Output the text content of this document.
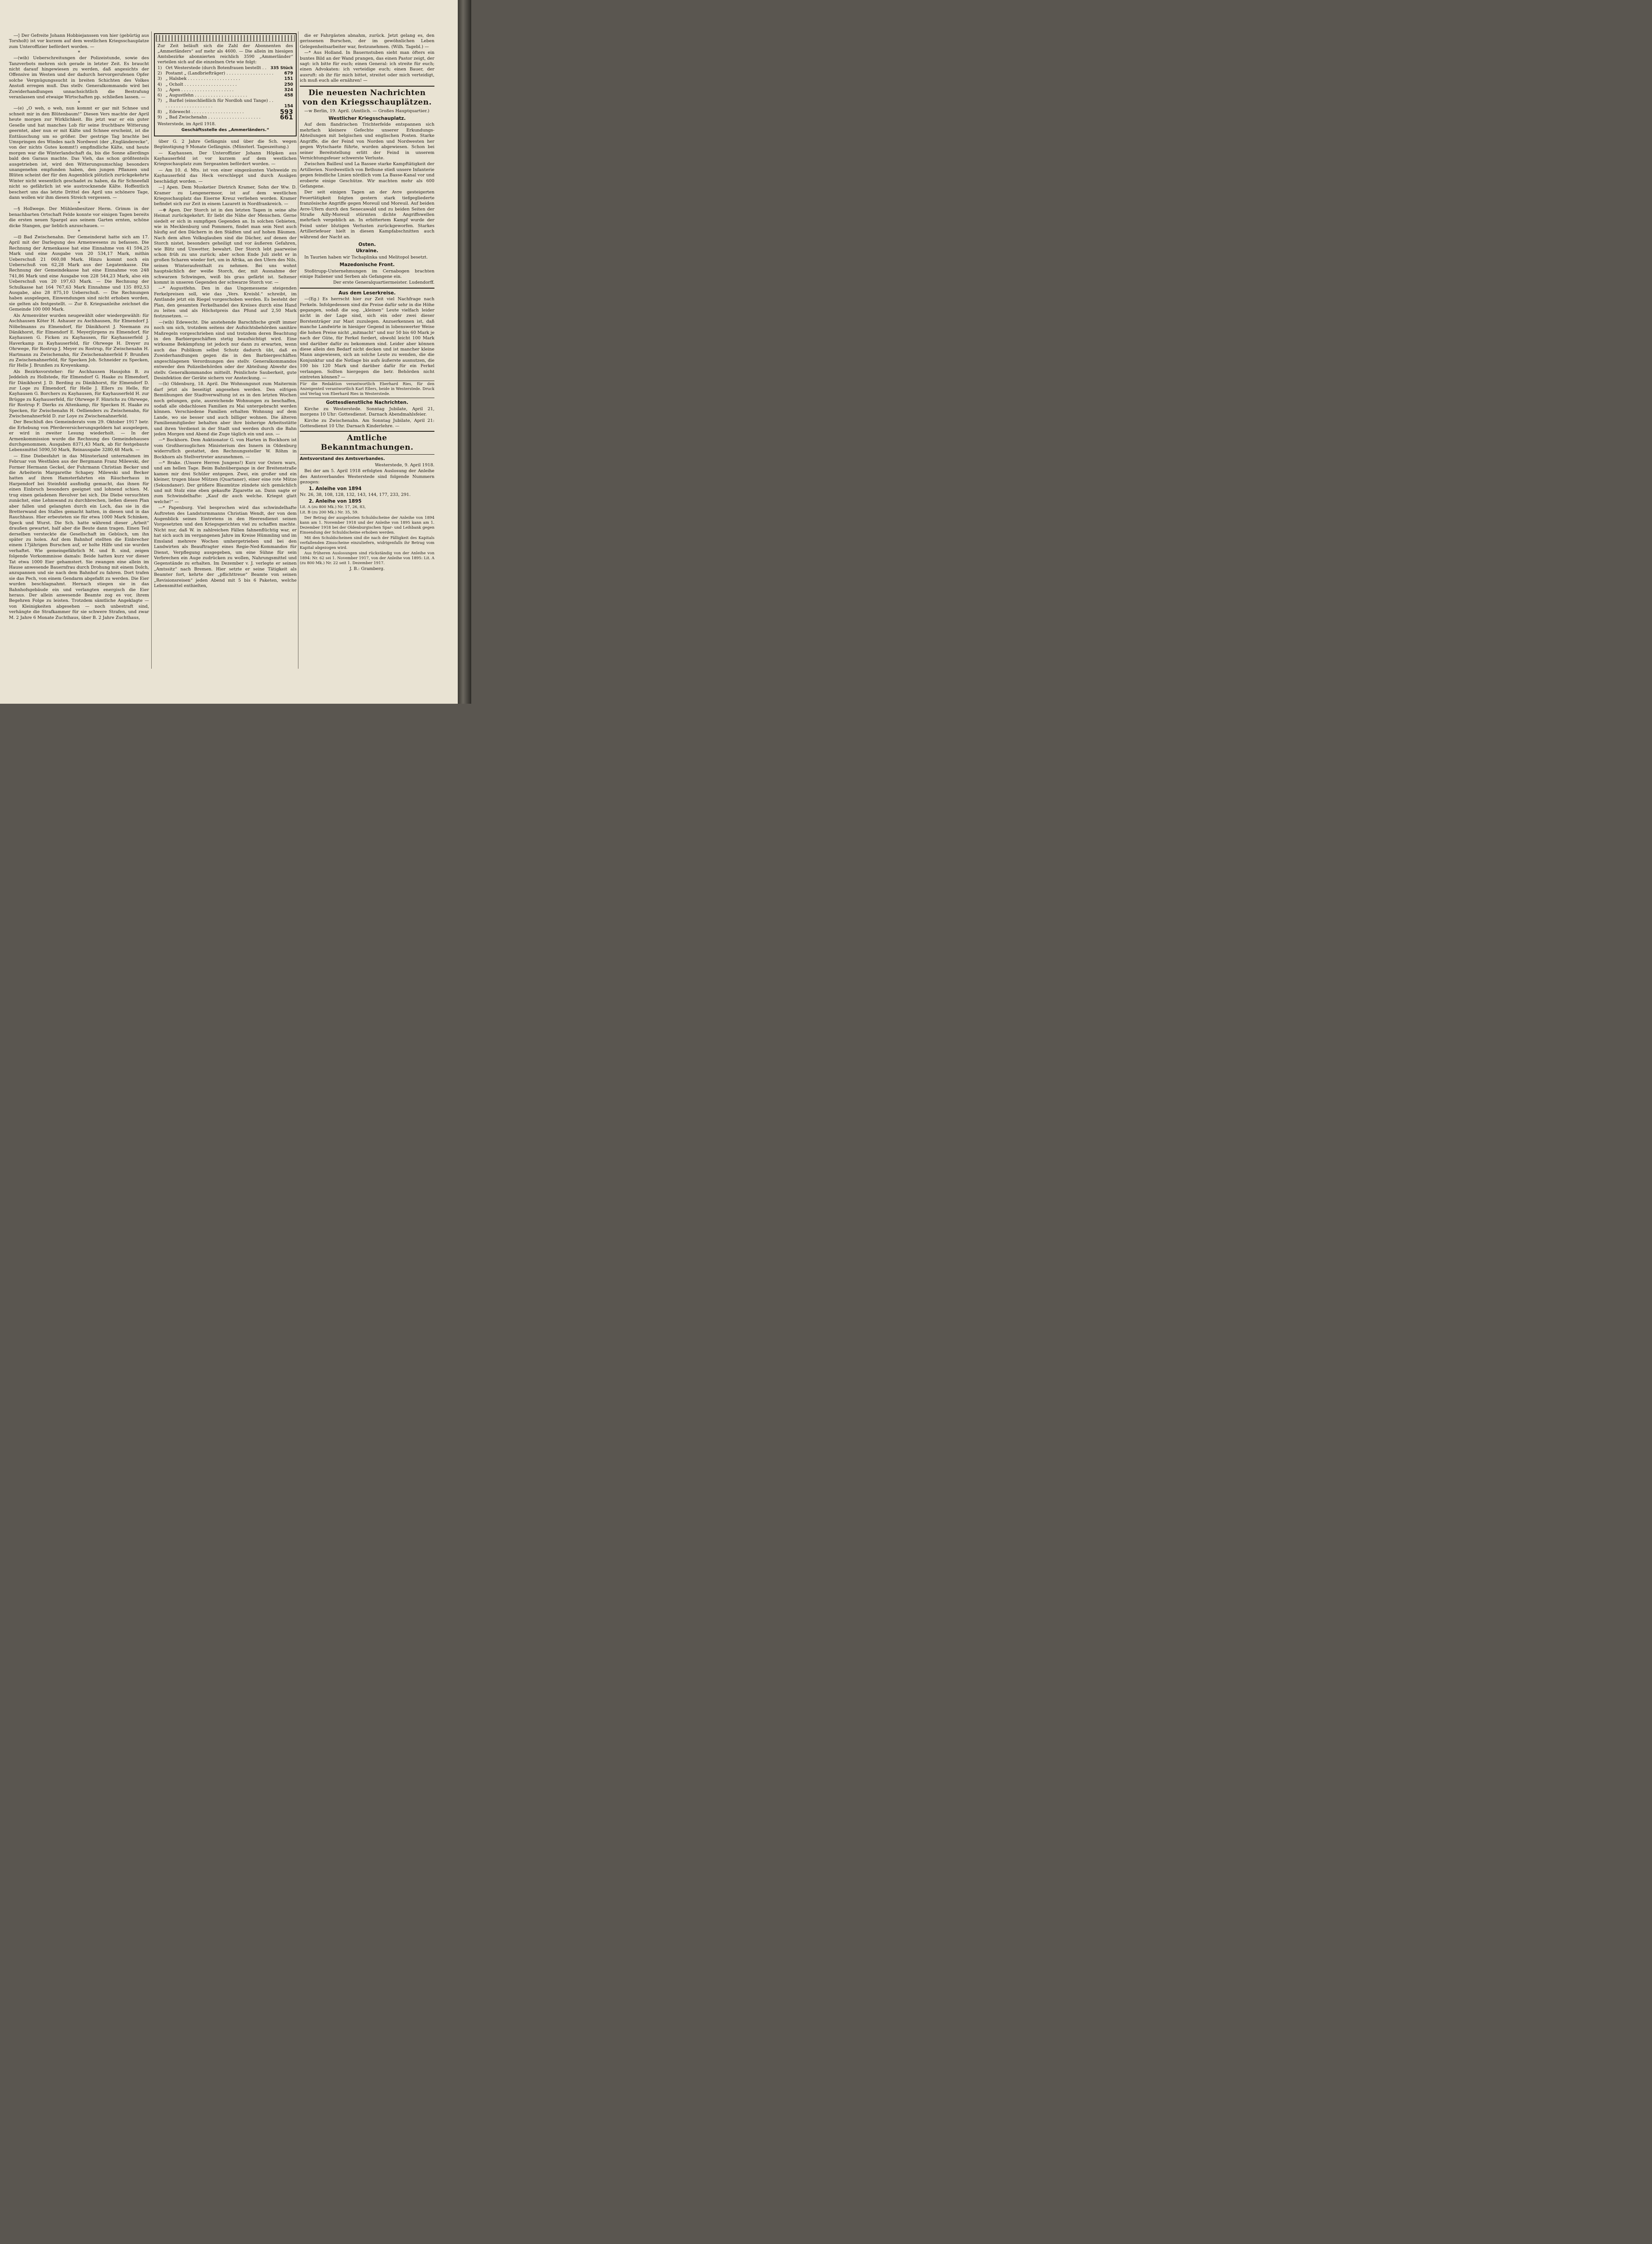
—◊ Der Gefreite Johann Hobbiejanssen von hier (gebürtig aus Torsholt) ist vor kurzem auf dem westlichen Kriegsschauplatze zum Unteroffizier befördert worden. —

*

—(wib) Ueberschreitungen der Polizeistunde, sowie des Tanzverbots mehren sich gerade in letzter Zeit. Es braucht nicht darauf hingewiesen zu werden, daß angesichts der Offensive im Westen und der dadurch hervorgerufenen Opfer solche Vergnügungssucht in breiten Schichten des Volkes Anstoß erregen muß. Das stellv. Generalkommando wird bei Zuwiderhandlungen unnachsichtlich die Bestrafung veranlassen und etwaige Wirtschaften pp. schließen lassen. —

*

—(e) „O weh, o weh, nun kommt er gar mit Schnee und schneit mir in den Blütenbaum!“ Diesen Vers machte der April heute morgen zur Wirklichkeit. Bis jetzt war er ein guter Geselle und hat manches Lob für seine fruchtbare Witterung geerntet, aber nun er mit Kälte und Schnee erscheint, ist die Enttäuschung um so größer. Der gestrige Tag brachte bei Umspringen des Windes nach Nordwest (der „Engländerecke“, von der nichts Gutes kommt!) empfindliche Kälte, und heute morgen war die Winterlandschaft da, bis die Sonne allerdings bald den Garaus machte. Das Vieh, das schon größtenteils ausgetrieben ist, wird den Witterungsumschlag besonders unangenehm empfunden haben, den jungen Pflanzen und Blüten scheint der für den Augenblick plötzlich zurückgekehrte Winter nicht wesentlich geschadet zu haben, da für Schneefall nicht so gefährlich ist wie austrocknende Kälte. Hoffentlich beschert uns das letzte Drittel des April uns schönere Tage, dann wollen wir ihm diesen Streich vergessen. —

*

—§ Hollwege. Der Mühlenbesitzer Herm. Grimm in der benachbarten Ortschaft Felde konnte vor einigen Tagen bereits die ersten neuen Spargel aus seinem Garten ernten, schöne dicke Stangen, gar lieblich anzuschauen. —

*

—⊡ Bad Zwischenahn. Der Gemeinderat hatte sich am 17. April mit der Darlegung des Armenwesens zu befassen. Die Rechnung der Armenkasse hat eine Einnahme von 41 594,25 Mark und eine Ausgabe von 20 534,17 Mark, mithin Ueberschuß 21 060,08 Mark. Hinzu kommt noch ein Ueberschuß von 62,28 Mark aus der Legatenkasse. Die Rechnung der Gemeindekasse hat eine Einnahme von 248 741,86 Mark und eine Ausgabe von 228 544,23 Mark, also ein Ueberschuß von 20 197,63 Mark. — Die Rechnung der Schulkasse hat 164 767,63 Mark Einnahme und 135 892,53 Ausgabe, also 28 875,10 Ueberschuß. — Die Rechnungen haben ausgelegen, Einwendungen sind nicht erhoben worden, sie gelten als festgestellt. — Zur 8. Kriegsanleihe zeichnet die Gemeinde 100 000 Mark.

Als Armenväter wurden neugewählt oder wiedergewählt: für Aschhausen Köter H. Ashauer zu Aschhausen, für Elmendorf J. Nöbelmanns zu Elmendorf, für Dänikhorst J. Neemann zu Dänikhorst, für Elmendorf E. Meyerjürgens zu Elmendorf, für Kayhausen G. Ficken zu Kayhausen, für Kayhauserfeld J. Haverkamp zu Kayhauserfeld, für Ohrwege H. Dreyer zu Ohrwege, für Rostrup J. Meyer zu Rostrup, für Zwischenahn H. Hartmann zu Zwischenahn, für Zwischenahnerfeld F. Brunßen zu Zwischenahnerfeld, für Specken Joh. Schneider zu Specken, für Helle J. Brunßen zu Kreyenkamp.

Als Bezirksvorsteher: für Aschhausen Hausjohn B. zu Jeddeloh zu Hollstede, für Elmendorf G. Haake zu Elmendorf, für Dänikhorst J. D. Berding zu Dänikhorst, für Elmendorf D. zur Loge zu Elmendorf, für Helle J. Ellers zu Helle, für Kayhausen G. Borchers zu Kayhausen, für Kayhauserfeld H. zur Brügge zu Kayhauserfeld, für Ohrwege F. Hinrichs zu Ohrwege, für Rostrup F. Dierks zu Altenkamp, für Specken H. Haake zu Specken, für Zwischenahn H. Oellienders zu Zwischenahn, für Zwischenahnerfeld D. zur Loye zu Zwischenahnerfeld.

Der Beschluß des Gemeinderats vom 29. Oktober 1917 betr. die Erhebung von Pferdeversicherungsgeldern hat ausgelegen, er wird in zweiter Lesung wiederholt. — In der Armenkommission wurde die Rechnung des Gemeindehauses durchgenommen. Ausgaben 8371,43 Mark, ab für festgebaute Lebensmittel 5090,50 Mark, Reinausgabe 3280,48 Mark. —

— Eine Diebesfahrt in das Münsterland unternahmen im Februar von Westfalen aus der Bergmann Franz Milewski, der Former Hermann Geckel, der Fuhrmann Christian Becker und die Arbeiterin Margarethe Schapey. Milewski und Becker hatten auf ihren Hamsterfahrten ein Räucherhaus in Harpendorf bei Steinfeld ausfindig gemacht, das ihnen für einen Einbruch besonders geeignet und lohnend schien. M. trug einen geladenen Revolver bei sich. Die Diebe versuchten zunächst, eine Lehmwand zu durchbrechen, ließen diesen Plan aber fallen und gelangten durch ein Loch, das sie in die Bretterwand des Stalles gemacht hatten, in diesen und in das Rauchhaus. Hier erbeuteten sie für etwa 1000 Mark Schinken, Speck und Wurst. Die Sch. hatte während dieser „Arbeit“ draußen gewartet, half aber die Beute dann tragen. Einen Teil derselben versteckte die Gesellschaft im Gebüsch, um ihn später zu holen. Auf dem Bahnhof stellten die Einbrecher einem 17jährigen Burschen auf, er holte Hilfe und sie wurden verhaftet. Wie gemeingefährlich M. und B. sind, zeigen folgende Vorkommnisse damals: Beide hatten kurz vor dieser Tat etwa 1000 Eier gehamstert. Sie zwangen eine allein im Hause anwesende Bauernfrau durch Drohung mit einem Dolch, anzupannen und sie nach dem Bahnhof zu fahren. Dort trafen sie das Pech, von einem Gendarm abgefaßt zu werden. Die Eier wurden beschlagnahmt. Hernach stiegen sie in das Bahnhofsgebäude ein und verlangten energisch die Eier heraus. Der allein anwesende Beamte zog es vor, ihrem Begehren Folge zu leisten. Trotzdem sämtliche Angeklagte — von Kleinigkeiten abgesehen — noch unbestraft sind, verhängte die Strafkammer für sie schwere Strafen, und zwar M. 2 Jahre 6 Monate Zuchthaus, über B. 2 Jahre Zuchthaus,

Zur Zeit beläuft sich die Zahl der Abonnenten des „Ammerländers“ auf mehr als 4600. — Die allein im hiesigen Amtsbezirke abonnierten reichlich 3590 „Ammerländer“ verteilen sich auf die einzelnen Orte wie folgt:

1) Ort Westerstede (durch Botenfrauen bestellt . . .	335 Stück
2) Postamt „ (Landbriefträger) . . .	679
3) „ Halsbek . . .	151
4) „ Ocholt . . .	250
5) „ Apen . . .	324
6) „ Augustfehn . . .	458
7) „ Barßel (einschließlich für Nordloh und Tange) . . .
154
8) „ Edewecht . . .	593
9) „ Bad Zwischenahn . . .	661

Westerstede, im April 1918.

Geschäftsstelle des „Ammerländers.“

über G. 2 Jahre Gefängnis und über die Sch. wegen Begünstigung 9 Monate Gefängnis. (Münsterl. Tageszeitung.)

— Kayhausen. Der Unteroffizier Johann Höpken aus Kayhauserfeld ist vor kurzem auf dem westlichen Kriegsschauplatz zum Sergeanten befördert worden. —

— Am 10. d. Mts. ist von einer eingezäunten Viehweide zu Kayhauserfeld das Heck verschleppt und durch Ausägen beschädigt worden. —

—] Apen. Dem Musketier Dietrich Kramer, Sohn der Ww. D. Kramer zu Lengenermoor, ist auf dem westlichen Kriegsschauplatz das Eiserne Kreuz verliehen worden. Kramer befindet sich zur Zeit in einem Lazarett in Nordfrankreich. —

—⊕ Apen. Der Storch ist in den letzten Tagen in seine alte Heimat zurückgekehrt. Er liebt die Nähe der Menschen. Gerne siedelt er sich in sumpfigen Gegenden an. In solchen Gebieten, wie in Mecklenburg und Pommern, findet man sein Nest auch häufig auf den Dächern in den Städten und auf hohen Bäumen. Nach dem alten Volksglauben sind die Dächer, auf denen der Storch nistet, besonders geheiligt und vor äußeren Gefahren, wie Blitz und Unwetter, bewahrt. Der Storch lebt paarweise schon früh zu uns zurück; aber schon Ende Juli zieht er in großen Scharen wieder fort, um in Afrika, an den Ufern des Nils, seinen Winteraufenthalt zu nehmen. Bei uns wohnt hauptsächlich der weiße Storch, der, mit Ausnahme der schwarzen Schwingen, weiß bis grau gefärbt ist. Seltener kommt in unseren Gegenden der schwarze Storch vor. —

—* Augustfehn. Den in das Ungemessene steigenden Ferkelpreisen soll, wie das „Vers. Kreisbl.“ schreibt, im Amtlande jetzt ein Riegel vorgeschoben werden. Es besteht der Plan, den gesamten Ferkelhandel des Kreises durch eine Hand zu leiten und als Höchstpreis das Pfund auf 2,50 Mark festzusetzen. —

—(wib) Edewecht. Die anstehende Barschfische greift immer noch um sich, trotzdem seitens der Aufsichtsbehörden sanitäre Maßregeln vorgeschrieben sind und trotzdem deren Beachtung in den Barbiergeschäften stetig beaufsichtigt wird. Eine wirksame Bekämpfung ist jedoch nur dann zu erwarten, wenn auch das Publikum selbst Schutz dadurch übt, daß es Zuwiderhandlungen gegen die in den Barbiergeschäften angeschlagenen Verordnungen des stellv. Generalkommandos entweder den Polizeibehörden oder der Abteilung Abwehr des stellv. Generalkommandos mitteilt. Peinlichste Sauberkeit, gute Desinfektion der Geräte sichern vor Ansteckung. —

—(b) Oldenburg, 18. April. Die Wohnungsnot zum Maitermin darf jetzt als beseitigt angesehen werden. Den eifrigen Bemühungen der Stadtverwaltung ist es in den letzten Wochen noch gelungen, gute, ausreichende Wohnungen zu beschaffen, sodaß alle obdachlosen Familien zu Mai untergebracht werden können. Verschiedene Familien erhalten Wohnung auf dem Lande, wo sie besser und auch billiger wohnen. Die älteren Familienmitglieder behalten aber ihre bisherige Arbeitsstätte und ihren Verdienst in der Stadt und werden durch die Bahn jeden Morgen und Abend die Zuge täglich ein und aus. —

—* Bockhorn. Dem Auktionator G. von Harten in Bockhorn ist vom Großherzoglichen Ministerium des Innern in Oldenburg widerruflich gestattet, den Rechnungssteller W. Röhm in Bockhorn als Stellvertreter anzunehmen. —

—* Brake. (Unsere Herren Jungens!) Kurz vor Ostern wars, und am hellen Tage. Beim Bahnübergange in der Breitenstraße kamen mir drei Schüler entgegen. Zwei, ein großer und ein kleiner, trugen blaue Mützen (Quartaner), einer eine rote Mütze (Sekundaner). Der größere Blaumütze zündete sich gemächlich und mit Stolz eine eben gekaufte Zigarette an. Dann sagte er zum Schwindelhafte: „Kauf dir auch welche. Kriegst glatt welche!“ —

—* Papenburg. Viel besprochen wird das schwindelhafte Auftreten des Landsturmmanns Christian Wendt, der von dem Augenblick seines Eintretens in den Heeresdienst seinen Vorgesetzten und den Kriegsgerichten viel zu schaffen machte. Nicht nur, daß W. in zahlreichen Fällen fahnenflüchtig war, er hat sich auch im vergangenen Jahre im Kreise Hümmling und im Emsland mehrere Wochen umhergetrieben und bei den Landwirten als Beauftragter eines Regie-Ned-Kommandos für Dienst, Verpflegung ausgegeben, um eine Sühne für sein Verbrechen ein Auge zudrücken zu wollen, Nahrungsmittel und Gegenstände zu erhalten. Im Dezember v. J. verlegte er seinen „Amtssitz“ nach Bremen. Hier setzte er seine Tätigkeit als Beamter fort, kehrte der „pflichttreue“ Beamte von seinen „Revisionsreisen“ jeden Abend mit 5 bis 6 Paketen, welche Lebensmittel enthielten,

die er Fahrgästen abnahm, zurück. Jetzt gelang es, den gerissenen Burschen, der im gewöhnlichen Leben Gelegenheitsarbeiter war, festzunehmen. (Wilh. Tagebl.) —

—* Aus Holland. In Bauernstuben sieht man öfters ein buntes Bild an der Wand prangen, das einen Pastor zeigt, der sagt: ich bitte für euch; einen General: ich streite für euch; einen Advokaten: ich verteidige euch; einen Bauer, der ausruft: ob ihr für mich bittet, streitet oder mich verteidigt, ich muß euch alle ernähren! —

Die neuesten Nachrichten von den Kriegsschauplätzen.

—w Berlin, 19. April. (Amtlich. — Großes Hauptquartier.)

Westlicher Kriegsschauplatz.

Auf dem flandrischen Trichterfelde entspannen sich mehrfach kleinere Gefechte unserer Erkundungs-Abteilungen mit belgischen und englischen Posten. Starke Angriffe, die der Feind von Norden und Nordwesten her gegen Wytschaete führte, wurden abgewiesen. Schon bei seiner Bereitstellung erlitt der Feind in unserem Vernichtungsfeuer schwerste Verluste.

Zwischen Bailleul und La Bassee starke Kampftätigkeit der Artillerien. Nordwestlich von Bethune stieß unsere Infanterie gegen feindliche Linien nördlich vom La Basse-Kanal vor und eroberte einige Geschütze. Wir machten mehr als 600 Gefangene.

Der seit einigen Tagen an der Avre gesteigerten Feuertätigkeit folgten gestern stark tiefgegliederte französische Angriffe gegen Moreuil und Moreuil. Auf beiden Avre-Ufern durch den Senecawald und zu beiden Seiten der Straße Ailly-Moreuil stürmten dichte Angriffswellen mehrfach vergeblich an. In erbittertem Kampf wurde der Feind unter blutigen Verlusten zurückgeworfen. Starkes Artilleriefeuer hielt in diesen Kampfabschnitten auch während der Nacht an.

Osten.
Ukraine.

In Taurien haben wir Tschaplinka und Melitopol besetzt.

Mazedonische Front.

Stoßtrupp-Unternehmungen im Cernabogen brachten einige Italiener und Serben als Gefangene ein.

Der erste Generalquartiermeister. Ludendorff.

Aus dem Leserkreise.

—(Eg.) Es herrscht hier zur Zeit viel Nachfrage nach Ferkeln. Infolgedessen sind die Preise dafür sehr in die Höhe gegangen, sodaß die sog. „kleinen“ Leute vielfach leider nicht in der Lage sind, sich ein oder zwei dieser Borstenträger zur Mast zuzulegen. Anzuerkennen ist, daß manche Landwirte in hiesiger Gegend in lobenswerter Weise die hohen Preise nicht „mitmacht“ und nur 50 bis 60 Mark je nach der Güte, für Ferkel fordert, obwohl leicht 100 Mark und darüber dafür zu bekommen sind. Leider aber können diese allein den Bedarf nicht decken und ist mancher kleine Mann angewiesen, sich an solche Leute zu wenden, die die Konjunktur und die Notlage bis aufs äußerste ausnutzen, die 100 bis 120 Mark und darüber dafür für ein Ferkel verlangen. Sollten hiergegen die betr. Behörden nicht eintreten können? —

Für die Redaktion verantwortlich Eberhard Ries, für den Anzeigenteil verantwortlich Karl Ellers, beide in Westerstede. Druck und Verlag von Eberhard Ries in Westerstede.

Gottesdienstliche Nachrichten.

Kirche zu Westerstede. Sonntag Jubilate, April 21, morgens 10 Uhr: Gottesdienst. Darnach Abendmahlsfeier.

Kirche zu Zwischenahn. Am Sonntag Jubilate, April 21: Gottesdienst 10 Uhr. Darnach Kinderlehre. —

Amtliche Bekanntmachungen.

Amtsvorstand des Amtsverbandes.

Westerstede, 9. April 1918.

Bei der am 5. April 1918 erfolgten Auslosung der Anleihe des Amtsverbandes Westerstede sind folgende Nummern gezogen:

1. Anleihe von 1894

Nr. 26, 38, 108, 128, 132, 143, 144, 177, 233, 291.

2. Anleihe von 1895

Lit. A (zu 800 Mk.) Nr. 17, 26, 83,

Lit. B (zu 200 Mk.) Nr. 35, 59.

Der Betrag der ausgelosten Schuldscheine der Anleihe von 1894 kann am 1. November 1918 und der Anleihe von 1895 kann am 1. Dezember 1918 bei der Oldenburgischen Spar- und Leihbank gegen Einsendung der Schuldscheine erhoben werden.

Mit den Schuldscheinen sind die nach der Fälligkeit des Kapitals verfallenden Zinsscheine einzuliefern, widrigenfalls ihr Betrag vom Kapital abgezogen wird.

Aus früheren Auslosungen sind rückständig von der Anleihe von 1894: Nr. 62 sei 1. November 1917, von der Anleihe von 1895: Lit. A (zu 800 Mk.) Nr. 22 seit 1. Dezember 1917.

J. B.: Gramberg.
